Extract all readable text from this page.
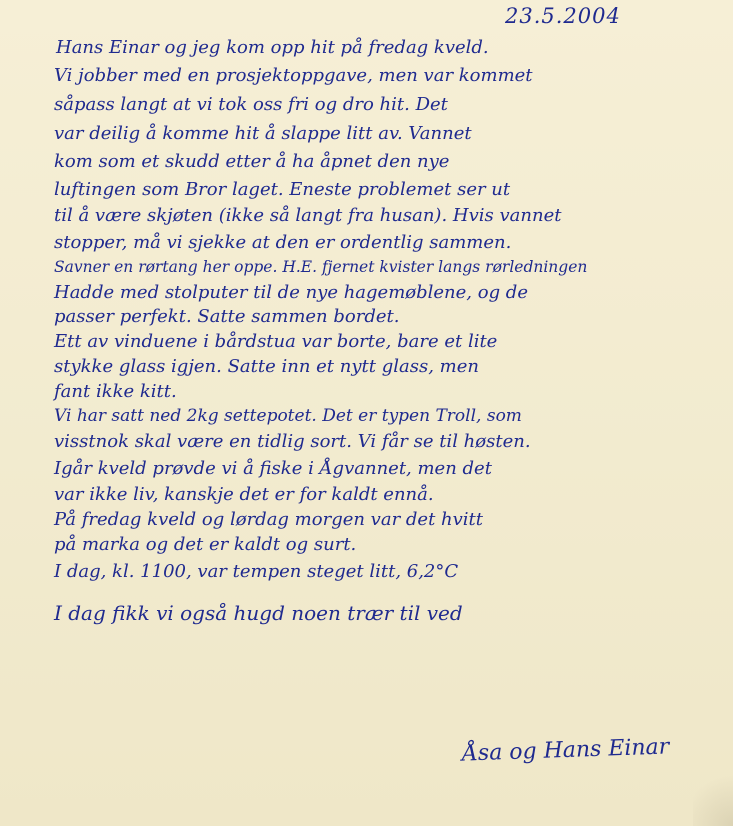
23.5.2004
Hans Einar og jeg kom opp hit på fredag kveld.
Vi jobber med en prosjektoppgave, men var kommet
såpass langt at vi tok oss fri og dro hit. Det
var deilig å komme hit å slappe litt av. Vannet
kom som et skudd etter å ha åpnet den nye
luftingen som Bror laget. Eneste problemet ser ut
til å være skjøten (ikke så langt fra husan). Hvis vannet
stopper, må vi sjekke at den er ordentlig sammen.
Savner en rørtang her oppe. H.E. fjernet kvister langs rørledningen
Hadde med stolputer til de nye hagemøblene, og de
passer perfekt. Satte sammen bordet.
Ett av vinduene i bårdstua var borte, bare et lite
stykke glass igjen. Satte inn et nytt glass, men
fant ikke kitt.
Vi har satt ned 2kg settepotet. Det er typen Troll, som
visstnok skal være en tidlig sort. Vi får se til høsten.
Igår kveld prøvde vi å fiske i Ågvannet, men det
var ikke liv, kanskje det er for kaldt ennå.
På fredag kveld og lørdag morgen var det hvitt
på marka og det er kaldt og surt.
I dag, kl. 1100, var tempen steget litt, 6,2°C
I dag fikk vi også hugd noen trær til ved
Åsa og Hans Einar
